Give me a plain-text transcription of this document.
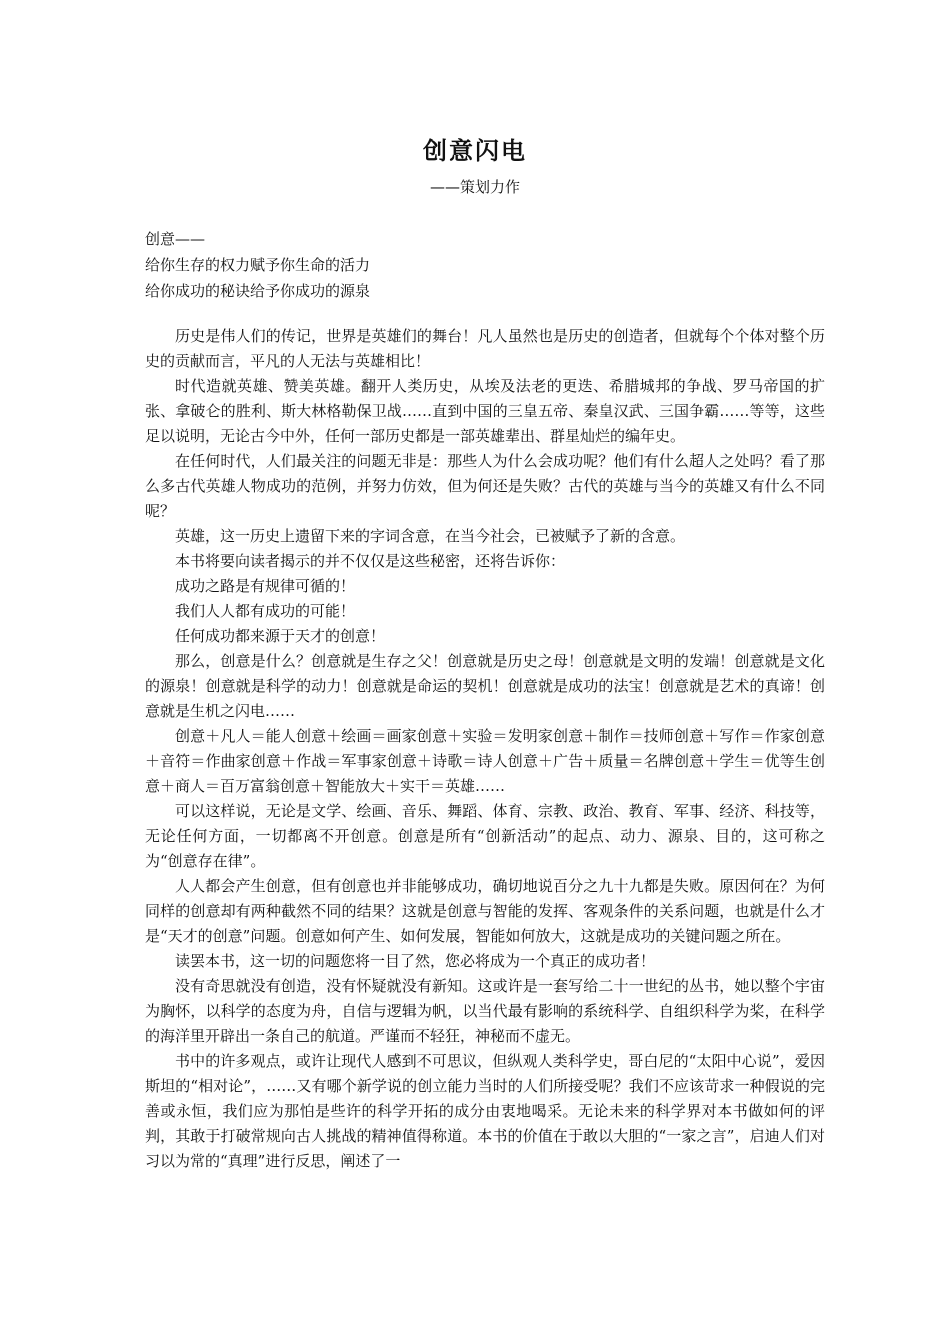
创意闪电
——策划力作
创意——
给你生存的权力赋予你生命的活力
给你成功的秘诀给予你成功的源泉

历史是伟人们的传记，世界是英雄们的舞台！凡人虽然也是历史的创造者，但就每个个体对整个历史的贡献而言，平凡的人无法与英雄相比！

时代造就英雄、赞美英雄。翻开人类历史，从埃及法老的更迭、希腊城邦的争战、罗马帝国的扩张、拿破仑的胜利、斯大林格勒保卫战……直到中国的三皇五帝、秦皇汉武、三国争霸……等等，这些足以说明，无论古今中外，任何一部历史都是一部英雄辈出、群星灿烂的编年史。

在任何时代，人们最关注的问题无非是：那些人为什么会成功呢？他们有什么超人之处吗？看了那么多古代英雄人物成功的范例，并努力仿效，但为何还是失败？古代的英雄与当今的英雄又有什么不同呢？

英雄，这一历史上遗留下来的字词含意，在当今社会，已被赋予了新的含意。

本书将要向读者揭示的并不仅仅是这些秘密，还将告诉你：

成功之路是有规律可循的！

我们人人都有成功的可能！

任何成功都来源于天才的创意！

那么，创意是什么？创意就是生存之父！创意就是历史之母！创意就是文明的发端！创意就是文化的源泉！创意就是科学的动力！创意就是命运的契机！创意就是成功的法宝！创意就是艺术的真谛！创意就是生机之闪电……

创意＋凡人＝能人创意＋绘画＝画家创意＋实验＝发明家创意＋制作＝技师创意＋写作＝作家创意＋音符＝作曲家创意＋作战＝军事家创意＋诗歌＝诗人创意＋广告＋质量＝名牌创意＋学生＝优等生创意＋商人＝百万富翁创意＋智能放大＋实干＝英雄……

可以这样说，无论是文学、绘画、音乐、舞蹈、体育、宗教、政治、教育、军事、经济、科技等，无论任何方面，一切都离不开创意。创意是所有“创新活动”的起点、动力、源泉、目的，这可称之为“创意存在律”。

人人都会产生创意，但有创意也并非能够成功，确切地说百分之九十九都是失败。原因何在？为何同样的创意却有两种截然不同的结果？这就是创意与智能的发挥、客观条件的关系问题，也就是什么才是“天才的创意”问题。创意如何产生、如何发展，智能如何放大，这就是成功的关键问题之所在。

读罢本书，这一切的问题您将一目了然，您必将成为一个真正的成功者！

没有奇思就没有创造，没有怀疑就没有新知。这或许是一套写给二十一世纪的丛书，她以整个宇宙为胸怀，以科学的态度为舟，自信与逻辑为帆，以当代最有影响的系统科学、自组织科学为桨，在科学的海洋里开辟出一条自己的航道。严谨而不轻狂，神秘而不虚无。

书中的许多观点，或许让现代人感到不可思议，但纵观人类科学史，哥白尼的“太阳中心说”，爱因斯坦的“相对论”，……又有哪个新学说的创立能力当时的人们所接受呢？我们不应该苛求一种假说的完善或永恒，我们应为那怕是些许的科学开拓的成分由衷地喝采。无论未来的科学界对本书做如何的评判，其敢于打破常规向古人挑战的精神值得称道。本书的价值在于敢以大胆的“一家之言”，启迪人们对习以为常的“真理”进行反思，阐述了一
